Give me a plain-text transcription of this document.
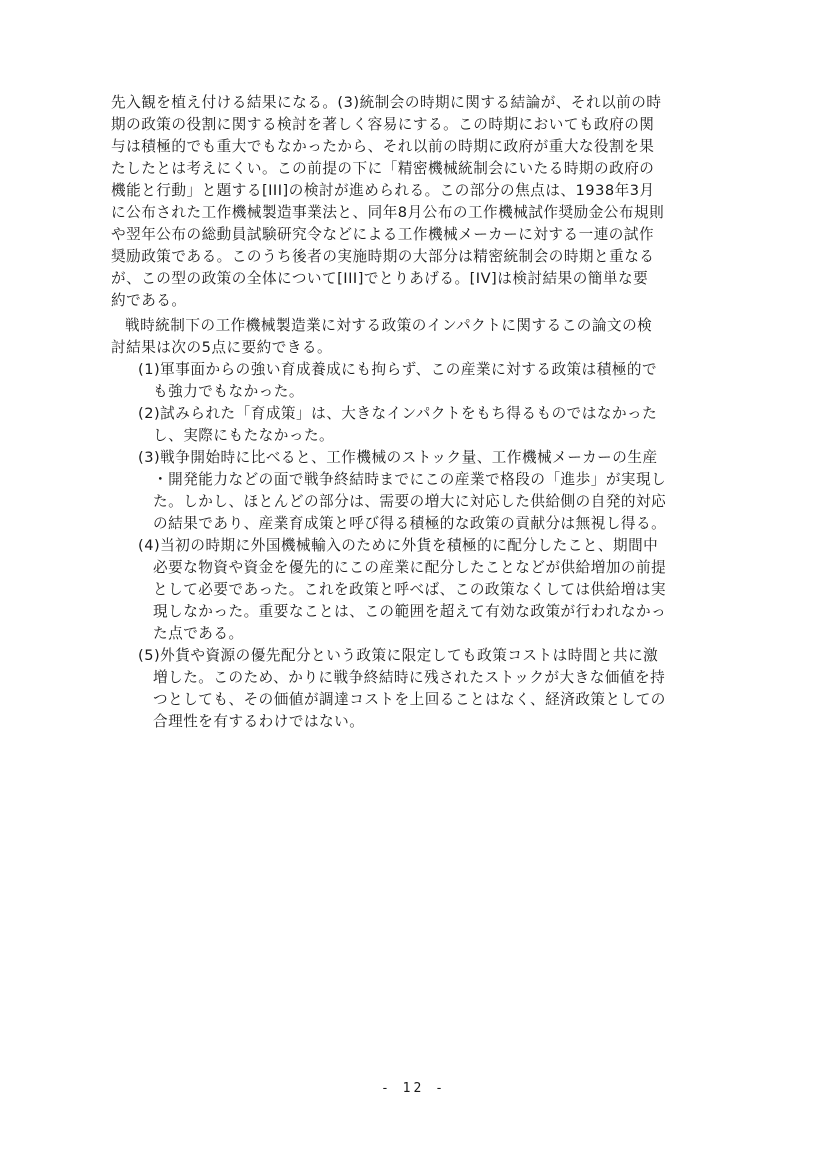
先入観を植え付ける結果になる。(3)統制会の時期に関する結論が、それ以前の時

期の政策の役割に関する検討を著しく容易にする。この時期においても政府の関

与は積極的でも重大でもなかったから、それ以前の時期に政府が重大な役割を果

たしたとは考えにくい。この前提の下に「精密機械統制会にいたる時期の政府の

機能と行動」と題する[III]の検討が進められる。この部分の焦点は、1938年3月

に公布された工作機械製造事業法と、同年8月公布の工作機械試作奨励金公布規則

や翌年公布の総動員試験研究令などによる工作機械メーカーに対する一連の試作

奨励政策である。このうち後者の実施時期の大部分は精密統制会の時期と重なる

が、この型の政策の全体について[III]でとりあげる。[IV]は検討結果の簡単な要

約である。

戦時統制下の工作機械製造業に対する政策のインパクトに関するこの論文の検

討結果は次の5点に要約できる。

(1)軍事面からの強い育成養成にも拘らず、この産業に対する政策は積極的で

も強力でもなかった。

(2)試みられた「育成策」は、大きなインパクトをもち得るものではなかった

し、実際にもたなかった。

(3)戦争開始時に比べると、工作機械のストック量、工作機械メーカーの生産

・開発能力などの面で戦争終結時までにこの産業で格段の「進歩」が実現し

た。しかし、ほとんどの部分は、需要の増大に対応した供給側の自発的対応

の結果であり、産業育成策と呼び得る積極的な政策の貢献分は無視し得る。

(4)当初の時期に外国機械輸入のために外貨を積極的に配分したこと、期間中

必要な物資や資金を優先的にこの産業に配分したことなどが供給増加の前提

として必要であった。これを政策と呼べば、この政策なくしては供給増は実

現しなかった。重要なことは、この範囲を超えて有効な政策が行われなかっ

た点である。

(5)外貨や資源の優先配分という政策に限定しても政策コストは時間と共に激

増した。このため、かりに戦争終結時に残されたストックが大きな価値を持

つとしても、その価値が調達コストを上回ることはなく、経済政策としての

合理性を有するわけではない。

- 12 -
